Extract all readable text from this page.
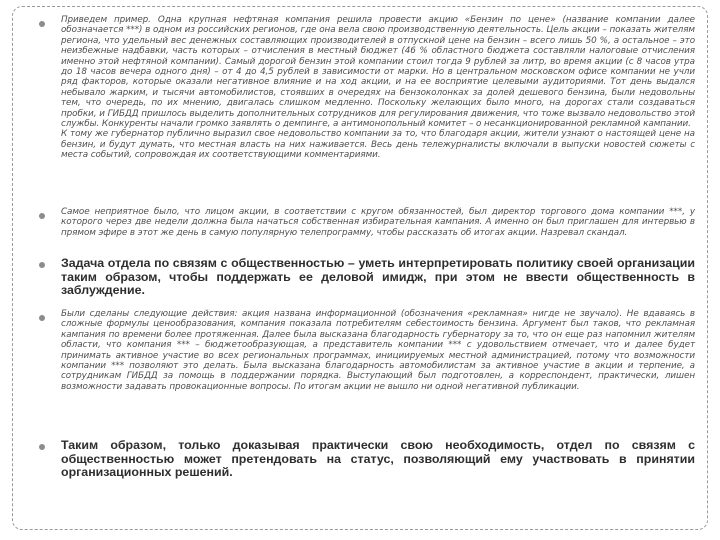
Приведем пример. Одна крупная нефтяная компания решила провести акцию «Бензин по цене» (название компании далее обозначается ***) в одном из российских регионов, где она вела свою производственную деятельность. Цель акции – показать жителям региона, что удельный вес денежных составляющих производителей в отпускной цене на бензин – всего лишь 50 %, а остальное – это неизбежные надбавки, часть которых – отчисления в местный бюджет (46 % областного бюджета составляли налоговые отчисления именно этой нефтяной компании). Самый дорогой бензин этой компании стоил тогда 9 рублей за литр, во время акции (с 8 часов утра до 18 часов вечера одного дня) – от 4 до 4,5 рублей в зависимости от марки. Но в центральном московском офисе компании не учли ряд факторов, которые оказали негативное влияние и на ход акции, и на ее восприятие целевыми аудиториями. Тот день выдался небывало жарким, и тысячи автомобилистов, стоявших в очередях на бензоколонках за долей дешевого бензина, были недовольны тем, что очередь, по их мнению, двигалась слишком медленно. Поскольку желающих было много, на дорогах стали создаваться пробки, и ГИБДД пришлось выделить дополнительных сотрудников для регулирования движения, что тоже вызвало недовольство этой службы. Конкуренты начали громко заявлять о демпинге, а антимонопольный комитет – о несанкционированной рекламной кампании.
К тому же губернатор публично выразил свое недовольство компании за то, что благодаря акции, жители узнают о настоящей цене на бензин, и будут думать, что местная власть на них наживается. Весь день тележурналисты включали в выпуски новостей сюжеты с места событий, сопровождая их соответствующими комментариями.
Самое неприятное было, что лицом акции, в соответствии с кругом обязанностей, был директор торгового дома компании ***, у которого через две недели должна была начаться собственная избирательная кампания. А именно он был приглашен для интервью в прямом эфире в этот же день в самую популярную телепрограмму, чтобы рассказать об итогах акции. Назревал скандал.
Задача отдела по связям с общественностью – уметь интерпретировать политику своей организации таким образом, чтобы поддержать ее деловой имидж, при этом не ввести общественность в заблуждение.
Были сделаны следующие действия: акция названа информационной (обозначения «рекламная» нигде не звучало). Не вдаваясь в сложные формулы ценообразования, компания показала потребителям себестоимость бензина. Аргумент был таков, что рекламная кампания по времени более протяженная. Далее была высказана благодарность губернатору за то, что он еще раз напомнил жителям области, что компания *** – бюджетообразующая, а представитель компании *** с удовольствием отмечает, что и далее будет принимать активное участие во всех региональных программах, инициируемых местной администрацией, потому что возможности компании *** позволяют это делать. Была высказана благодарность автомобилистам за активное участие в акции и терпение, а сотрудникам ГИБДД за помощь в поддержании порядка. Выступающий был подготовлен, а корреспондент, практически, лишен возможности задавать провокационные вопросы. По итогам акции не вышло ни одной негативной публикации.
Таким образом, только доказывая практически свою необходимость, отдел по связям с общественностью может претендовать на статус, позволяющий ему участвовать в принятии организационных решений.
